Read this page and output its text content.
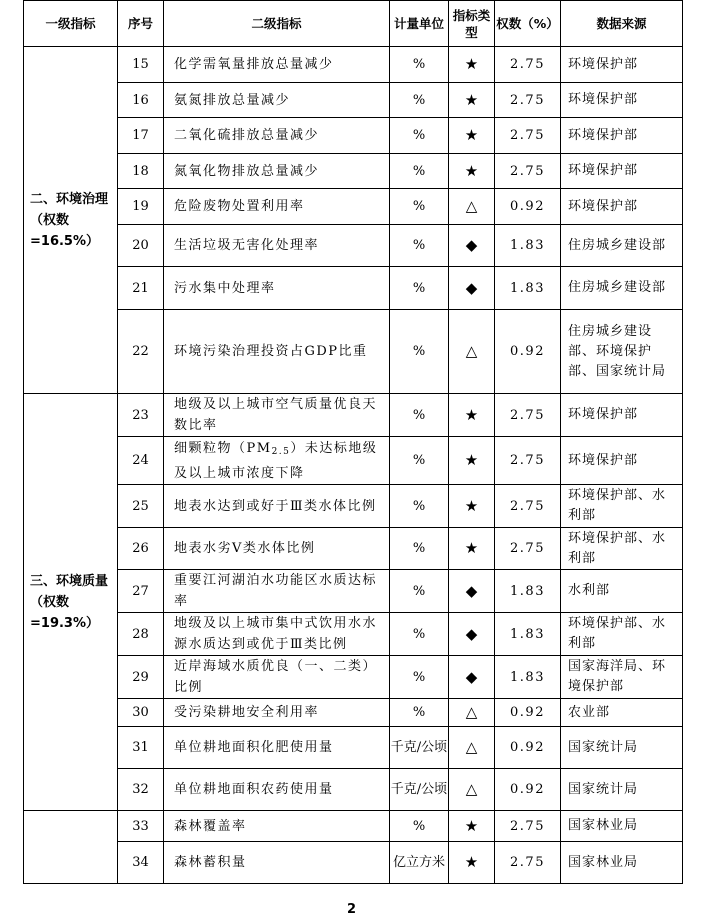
一级指标	序号	二级指标	计量单位	指标类型	权数（%）	数据来源
二、环境治理（权数=16.5%）	15	化学需氧量排放总量减少	%	★	2.75	环境保护部
	16	氨氮排放总量减少	%	★	2.75	环境保护部
	17	二氧化硫排放总量减少	%	★	2.75	环境保护部
	18	氮氧化物排放总量减少	%	★	2.75	环境保护部
	19	危险废物处置利用率	%	△	0.92	环境保护部
	20	生活垃圾无害化处理率	%	◆	1.83	住房城乡建设部
	21	污水集中处理率	%	◆	1.83	住房城乡建设部
	22	环境污染治理投资占GDP比重	%	△	0.92	住房城乡建设部、环境保护部、国家统计局
三、环境质量（权数=19.3%）	23	地级及以上城市空气质量优良天数比率	%	★	2.75	环境保护部
	24	细颗粒物$(PM_{2.5})$未达标地级及以上城市浓度下降	%	★	2.75	环境保护部
	25	地表水达到或好于Ⅲ类水体比例	%	★	2.75	环境保护部、水利部
	26	地表水劣V类水体比例	%	★	2.75	环境保护部、水利部
	27	重要江河湖泊水功能区水质达标率	%	◆	1.83	水利部
	28	地级及以上城市集中式饮用水水源水质达到或优于Ⅲ类比例	%	◆	1.83	环境保护部、水利部
	29	近岸海域水质优良（一、二类）比例	%	◆	1.83	国家海洋局、环境保护部
	30	受污染耕地安全利用率	%	△	0.92	农业部
	31	单位耕地面积化肥使用量	千克/公顷	△	0.92	国家统计局
	32	单位耕地面积农药使用量	千克/公顷	△	0.92	国家统计局
	33	森林覆盖率	%	★	2.75	国家林业局
	34	森林蓄积量	亿立方米	★	2.75	国家林业局
2
